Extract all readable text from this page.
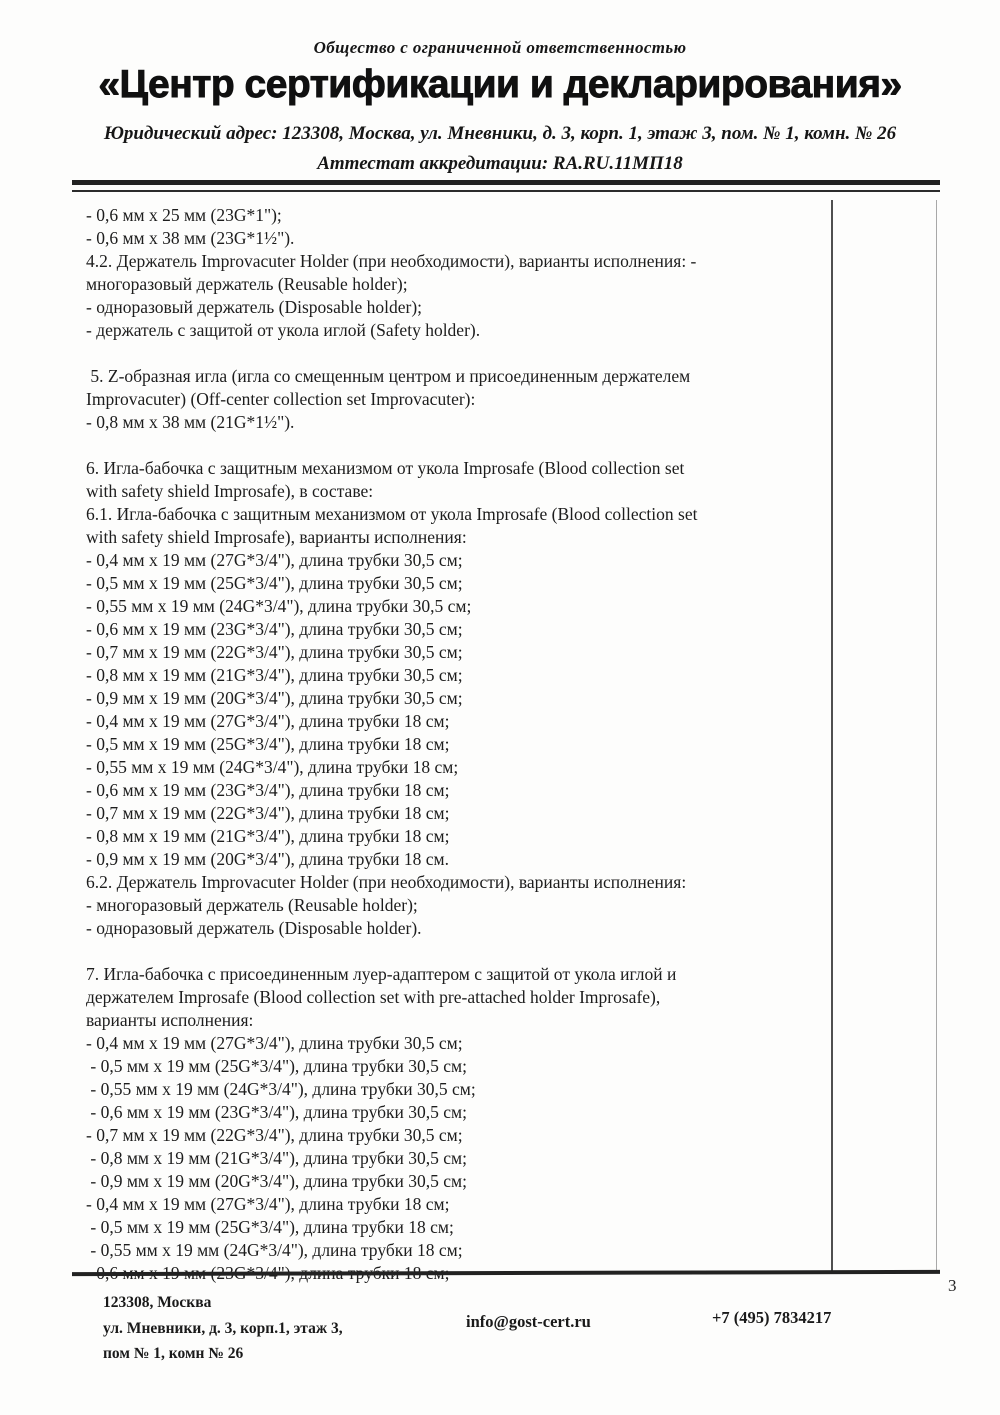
Общество с ограниченной ответственностью
«Центр сертификации и декларирования»
Юридический адрес: 123308, Москва, ул. Мневники, д. 3, корп. 1, этаж 3, пом. № 1, комн. № 26
Аттестат аккредитации: RA.RU.11МП18
- 0,6 мм х 25 мм (23G*1");
- 0,6 мм х 38 мм (23G*1½").
4.2. Держатель Improvacuter Holder (при необходимости), варианты исполнения: -
многоразовый держатель (Reusable holder);
- одноразовый держатель (Disposable holder);
- держатель с защитой от укола иглой (Safety holder).
5. Z-образная игла (игла со смещенным центром и присоединенным держателем
Improvacuter) (Off-center collection set Improvacuter):
- 0,8 мм х 38 мм (21G*1½").
6. Игла-бабочка с защитным механизмом от укола Improsafe (Blood collection set
with safety shield Improsafe), в составе:
6.1. Игла-бабочка с защитным механизмом от укола Improsafe (Blood collection set
with safety shield Improsafe), варианты исполнения:
- 0,4 мм х 19 мм (27G*3/4"), длина трубки 30,5 см;
- 0,5 мм х 19 мм (25G*3/4"), длина трубки 30,5 см;
- 0,55 мм х 19 мм (24G*3/4"), длина трубки 30,5 см;
- 0,6 мм х 19 мм (23G*3/4"), длина трубки 30,5 см;
- 0,7 мм х 19 мм (22G*3/4"), длина трубки 30,5 см;
- 0,8 мм х 19 мм (21G*3/4"), длина трубки 30,5 см;
- 0,9 мм х 19 мм (20G*3/4"), длина трубки 30,5 см;
- 0,4 мм х 19 мм (27G*3/4"), длина трубки 18 см;
- 0,5 мм х 19 мм (25G*3/4"), длина трубки 18 см;
- 0,55 мм х 19 мм (24G*3/4"), длина трубки 18 см;
- 0,6 мм х 19 мм (23G*3/4"), длина трубки 18 см;
- 0,7 мм х 19 мм (22G*3/4"), длина трубки 18 см;
- 0,8 мм х 19 мм (21G*3/4"), длина трубки 18 см;
- 0,9 мм х 19 мм (20G*3/4"), длина трубки 18 см.
6.2. Держатель Improvacuter Holder (при необходимости), варианты исполнения:
- многоразовый держатель (Reusable holder);
- одноразовый держатель (Disposable holder).
7. Игла-бабочка с присоединенным луер-адаптером с защитой от укола иглой и
держателем Improsafe (Blood collection set with pre-attached holder Improsafe),
варианты исполнения:
- 0,4 мм х 19 мм (27G*3/4"), длина трубки 30,5 см;
- 0,5 мм х 19 мм (25G*3/4"), длина трубки 30,5 см;
- 0,55 мм х 19 мм (24G*3/4"), длина трубки 30,5 см;
- 0,6 мм х 19 мм (23G*3/4"), длина трубки 30,5 см;
- 0,7 мм х 19 мм (22G*3/4"), длина трубки 30,5 см;
- 0,8 мм х 19 мм (21G*3/4"), длина трубки 30,5 см;
- 0,9 мм х 19 мм (20G*3/4"), длина трубки 30,5 см;
- 0,4 мм х 19 мм (27G*3/4"), длина трубки 18 см;
- 0,5 мм х 19 мм (25G*3/4"), длина трубки 18 см;
- 0,55 мм х 19 мм (24G*3/4"), длина трубки 18 см;
3
123308, Москва
ул. Мневники, д. 3, корп.1, этаж 3,
пом № 1, комн № 26
info@gost-cert.ru	+7 (495) 7834217
